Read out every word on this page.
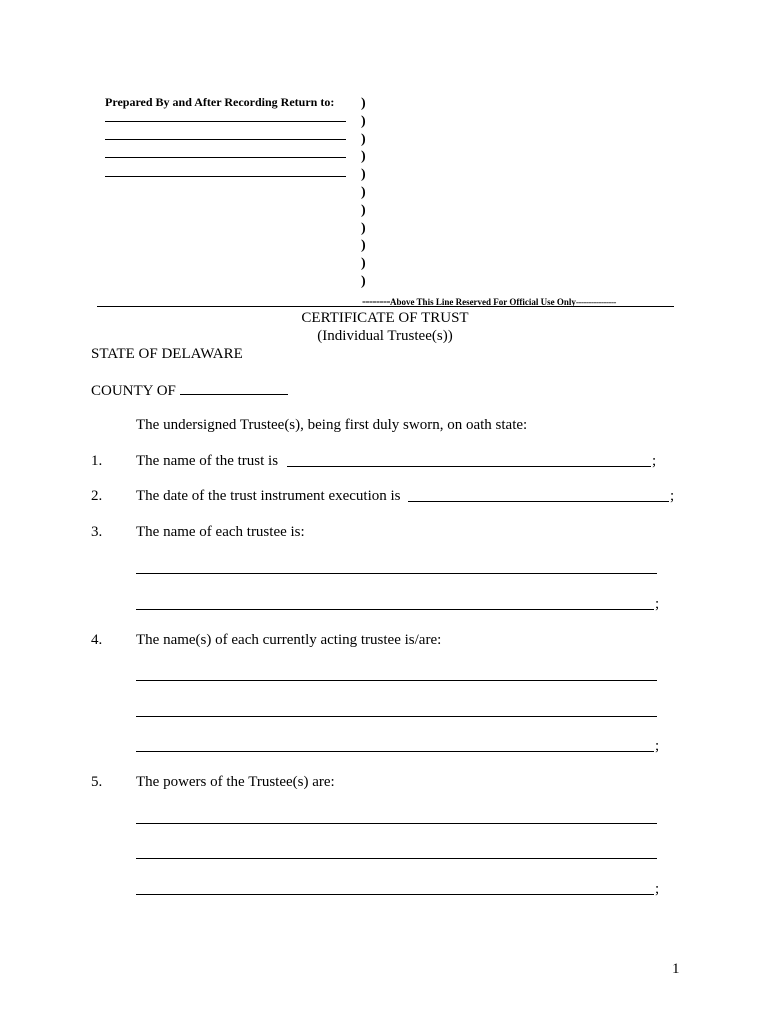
Prepared By and After Recording Return to: )
)
)
)
)
)
)
)
)
)
)
--------Above This Line Reserved For Official Use Only----------------
CERTIFICATE OF TRUST
(Individual Trustee(s))
STATE OF DELAWARE
COUNTY OF
The undersigned Trustee(s), being first duly sworn, on oath state:
1. The name of the trust is	;
2. The date of the trust instrument execution is	;
3. The name of each trustee is:
;
4. The name(s) of each currently acting trustee is/are:
;
5. The powers of the Trustee(s) are:
;
1
